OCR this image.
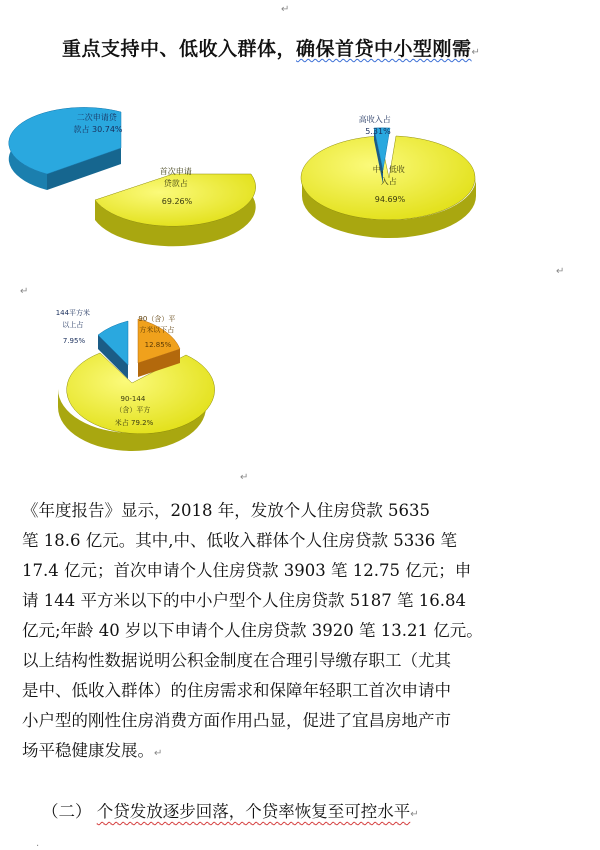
↵
↵
↵
↵
重点支持中、低收入群体，确保首贷中小型刚需↵
二次申请贷 款占 30.74%
首次申请 贷款占 69.26%
高收入占 5.31%
中、低收 入占 94.69%
144平方米 以上占 7.95%
90（含）平 方米以下占 12.85%
90-144 （含）平方 米占 79.2%

《年度报告》显示，2018 年，发放个人住房贷款 5635

笔 18.6 亿元。其中,中、低收入群体个人住房贷款 5336 笔

17.4 亿元；首次申请个人住房贷款 3903 笔 12.75 亿元；申

请 144 平方米以下的中小户型个人住房贷款 5187 笔 16.84

亿元;年龄 40 岁以下申请个人住房贷款 3920 笔 13.21 亿元。

以上结构性数据说明公积金制度在合理引导缴存职工（尤其

是中、低收入群体）的住房需求和保障年轻职工首次申请中

小户型的刚性住房消费方面作用凸显，促进了宜昌房地产市

场平稳健康发展。↵

（二） 个贷发放逐步回落，个贷率恢复至可控水平↵
.
